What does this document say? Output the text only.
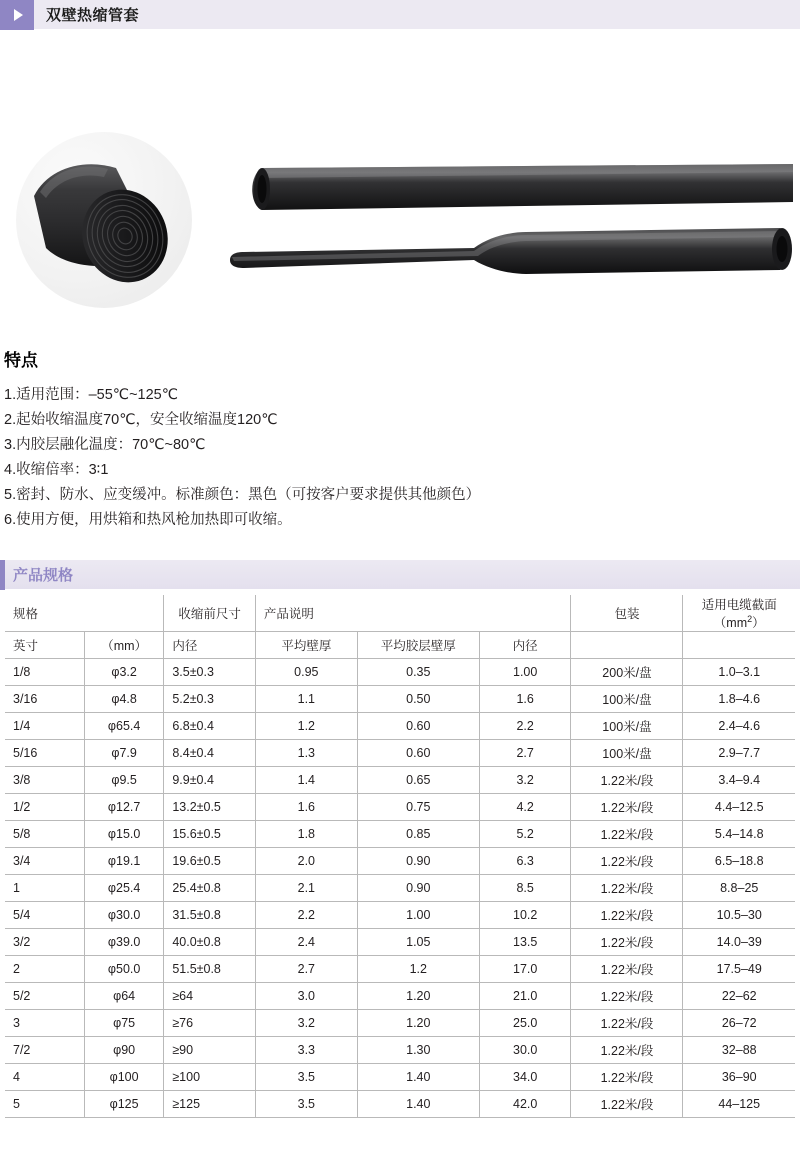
双壁热缩管套
特点
1.适用范围：–55℃~125℃
2.起始收缩温度70℃，安全收缩温度120℃
3.内胶层融化温度：70℃~80℃
4.收缩倍率：3∶1
5.密封、防水、应变缓冲。标准颜色：黑色（可按客户要求提供其他颜色）
6.使用方便，用烘箱和热风枪加热即可收缩。
产品规格
规格		收缩前尺寸	产品说明			包装	适用电缆截面
$(mm^2)$
英寸	（mm）	内径	平均壁厚	平均胶层壁厚	内径		
1/8	φ3.2	3.5±0.3	0.95	0.35	1.00	200米/盘	1.0–3.1
3/16	φ4.8	5.2±0.3	1.1	0.50	1.6	100米/盘	1.8–4.6
1/4	φ65.4	6.8±0.4	1.2	0.60	2.2	100米/盘	2.4–4.6
5/16	φ7.9	8.4±0.4	1.3	0.60	2.7	100米/盘	2.9–7.7
3/8	φ9.5	9.9±0.4	1.4	0.65	3.2	1.22米/段	3.4–9.4
1/2	φ12.7	13.2±0.5	1.6	0.75	4.2	1.22米/段	4.4–12.5
5/8	φ15.0	15.6±0.5	1.8	0.85	5.2	1.22米/段	5.4–14.8
3/4	φ19.1	19.6±0.5	2.0	0.90	6.3	1.22米/段	6.5–18.8
1	φ25.4	25.4±0.8	2.1	0.90	8.5	1.22米/段	8.8–25
5/4	φ30.0	31.5±0.8	2.2	1.00	10.2	1.22米/段	10.5–30
3/2	φ39.0	40.0±0.8	2.4	1.05	13.5	1.22米/段	14.0–39
2	φ50.0	51.5±0.8	2.7	1.2	17.0	1.22米/段	17.5–49
5/2	φ64	≥64	3.0	1.20	21.0	1.22米/段	22–62
3	φ75	≥76	3.2	1.20	25.0	1.22米/段	26–72
7/2	φ90	≥90	3.3	1.30	30.0	1.22米/段	32–88
4	φ100	≥100	3.5	1.40	34.0	1.22米/段	36–90
5	φ125	≥125	3.5	1.40	42.0	1.22米/段	44–125
